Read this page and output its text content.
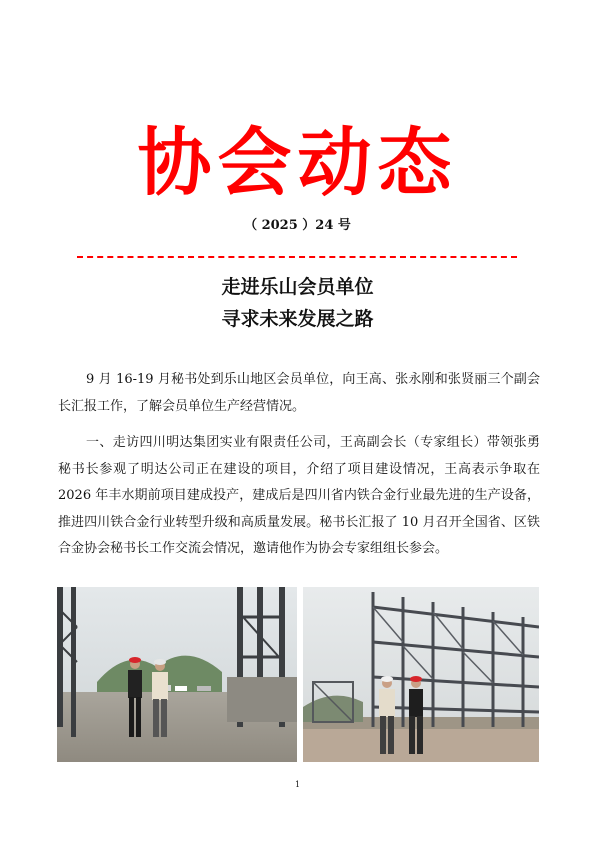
协会动态
（ 2025 ）24 号
走进乐山会员单位
寻求未来发展之路
9 月 16-19 月秘书处到乐山地区会员单位，向王高、张永刚和张贤丽三个副会长汇报工作，了解会员单位生产经营情况。
一、走访四川明达集团实业有限责任公司，王高副会长（专家组长）带领张勇秘书长参观了明达公司正在建设的项目，介绍了项目建设情况，王高表示争取在 2026 年丰水期前项目建成投产，建成后是四川省内铁合金行业最先进的生产设备，推进四川铁合金行业转型升级和高质量发展。秘书长汇报了 10 月召开全国省、区铁合金协会秘书长工作交流会情况，邀请他作为协会专家组组长参会。
1
